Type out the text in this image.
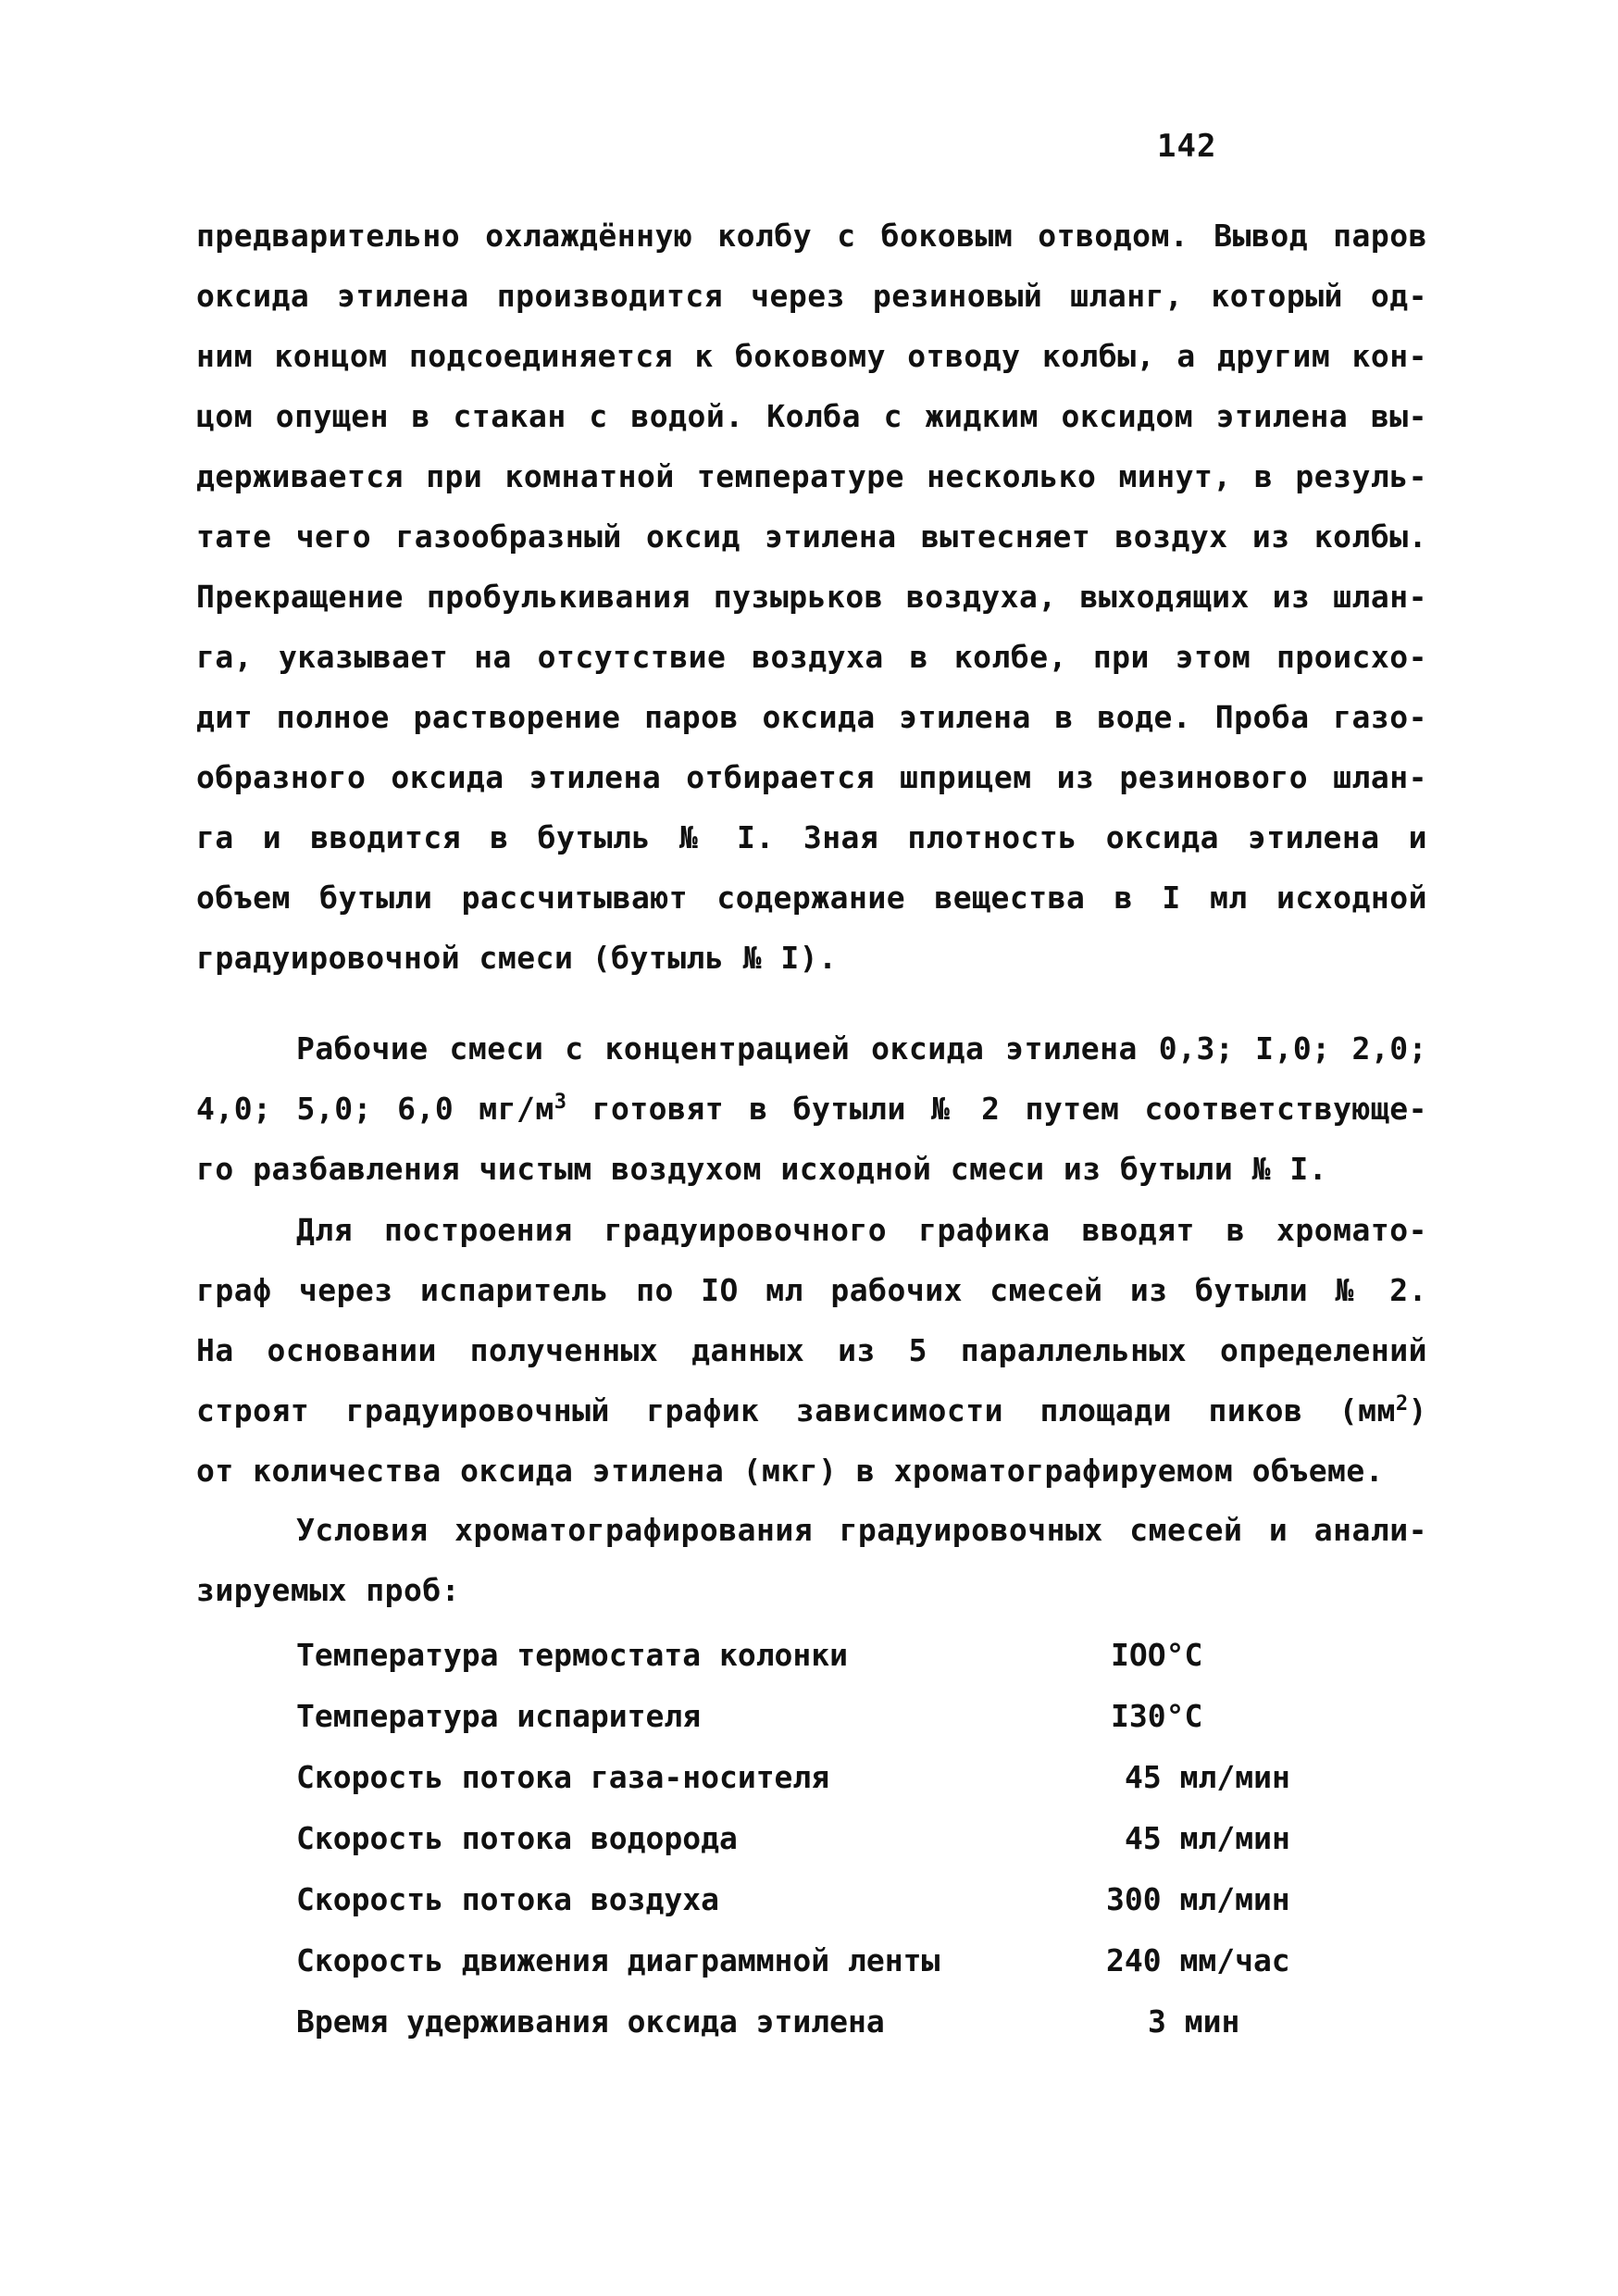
142
предварительно охлаждённую колбу с боковым отводом. Вывод паров
оксида этилена производится через резиновый шланг, который од-
ним концом подсоединяется к боковому отводу колбы, а другим кон-
цом опущен в стакан с водой. Колба с жидким оксидом этилена вы-
держивается при комнатной температуре несколько минут, в резуль-
тате чего газообразный оксид этилена вытесняет воздух из колбы.
Прекращение пробулькивания пузырьков воздуха, выходящих из шлан-
га, указывает на отсутствие воздуха в колбе, при этом происхо-
дит полное растворение паров оксида этилена в воде. Проба газо-
образного оксида этилена отбирается шприцем из резинового шлан-
га и вводится в бутыль № I. Зная плотность оксида этилена и
объем бутыли рассчитывают содержание вещества в I мл исходной
градуировочной смеси (бутыль № I).
Рабочие смеси с концентрацией оксида этилена 0,3; I,0; 2,0;
4,0; 5,0; 6,0 $мг/м^3$ готовят в бутыли № 2 путем соответствующе-
го разбавления чистым воздухом исходной смеси из бутыли № I.
Для построения градуировочного графика вводят в хромато-
граф через испаритель по IO мл рабочих смесей из бутыли № 2.
На основании полученных данных из 5 параллельных определений
строят градуировочный график зависимости площади пиков $(мм^2)$
от количества оксида этилена (мкг) в хроматографируемом объеме.
Условия хроматографирования градуировочных смесей и анали-
зируемых проб:
Температура термостата колонки	IOO°C
Температура испарителя	I30°C
Скорость потока газа-носителя	45 мл/мин
Скорость потока водорода	45 мл/мин
Скорость потока воздуха	300 мл/мин
Скорость движения диаграммной ленты	240 мм/час
Время удерживания оксида этилена	3 мин
